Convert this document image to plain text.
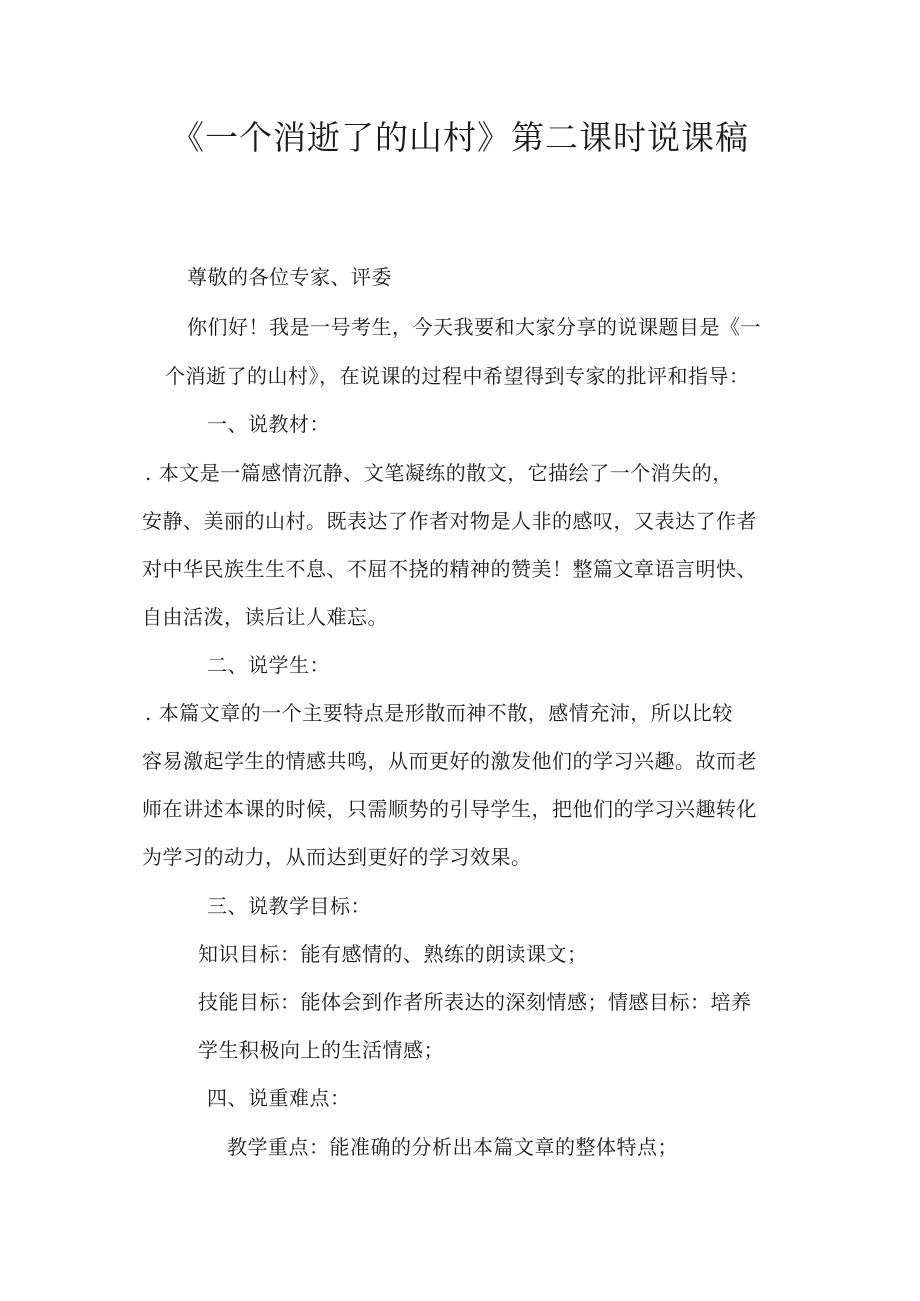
《一个消逝了的山村》第二课时说课稿
尊敬的各位专家、评委
你们好！我是一号考生，今天我要和大家分享的说课题目是《一
个消逝了的山村》，在说课的过程中希望得到专家的批评和指导：
一、说教材：
. 本文是一篇感情沉静、文笔凝练的散文，它描绘了一个消失的，
安静、美丽的山村。既表达了作者对物是人非的感叹，又表达了作者
对中华民族生生不息、不屈不挠的精神的赞美！整篇文章语言明快、
自由活泼，读后让人难忘。
二、说学生：
. 本篇文章的一个主要特点是形散而神不散，感情充沛，所以比较
容易激起学生的情感共鸣，从而更好的激发他们的学习兴趣。故而老
师在讲述本课的时候，只需顺势的引导学生，把他们的学习兴趣转化
为学习的动力，从而达到更好的学习效果。
三、说教学目标：
知识目标：能有感情的、熟练的朗读课文；
技能目标：能体会到作者所表达的深刻情感；情感目标：培养
学生积极向上的生活情感；
四、说重难点：
教学重点：能准确的分析出本篇文章的整体特点；
